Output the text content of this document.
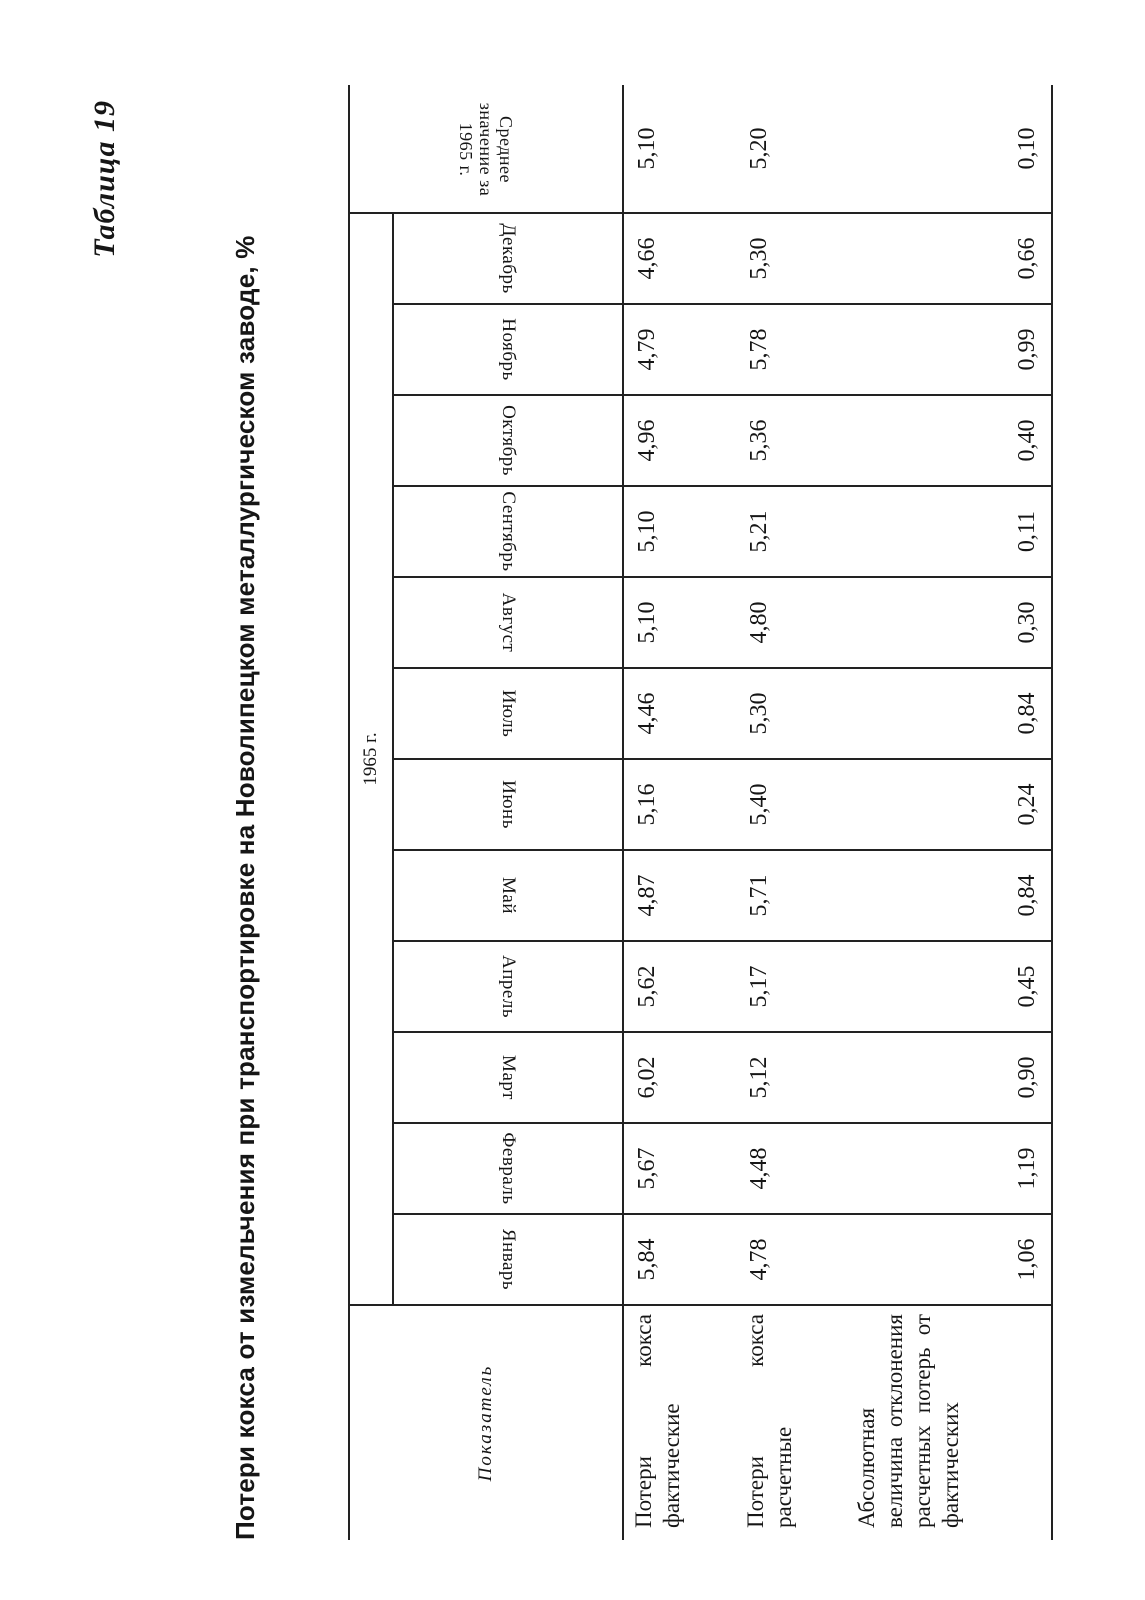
Таблица 19
Потери кокса от измельчения при транспортировке на Новолипецком металлургическом заводе, %	Показатель	1965 г.												Среднее значение за 1965 г.
	Январь	Февраль	Март	Апрель	Май	Июнь	Июль	Август	Сентябрь	Октябрь	Ноябрь	Декабрь	
Потери кокса фактические	5,84	5,67	6,02	5,62	4,87	5,16	4,46	5,10	5,10	4,96	4,79	4,66	5,10
Потери кокса расчетные	4,78	4,48	5,12	5,17	5,71	5,40	5,30	4,80	5,21	5,36	5,78	5,30	5,20
Абсолютная величина отклонения расчетных потерь от фактических	1,06	1,19	0,90	0,45	0,84	0,24	0,84	0,30	0,11	0,40	0,99	0,66	0,10
